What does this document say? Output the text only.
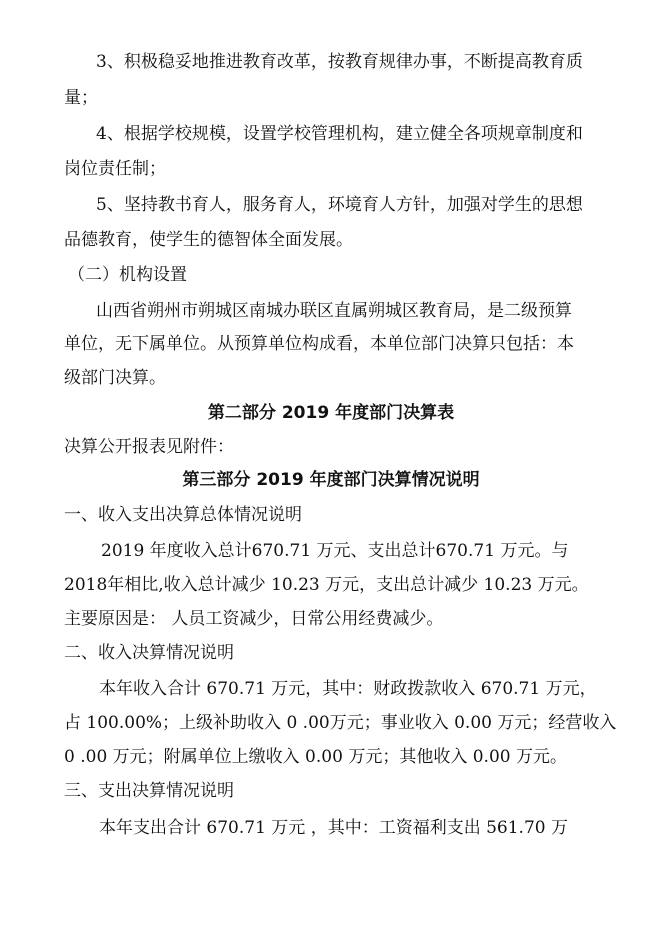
3、积极稳妥地推进教育改革，按教育规律办事，不断提高教育质
量；
4、根据学校规模，设置学校管理机构，建立健全各项规章制度和
岗位责任制；
5、坚持教书育人，服务育人，环境育人方针，加强对学生的思想
品德教育，使学生的德智体全面发展。
（二）机构设置
山西省朔州市朔城区南城办联区直属朔城区教育局，是二级预算
单位，无下属单位。从预算单位构成看，本单位部门决算只包括：本
级部门决算。
第二部分 2019 年度部门决算表
决算公开报表见附件：
第三部分 2019 年度部门决算情况说明
一、收入支出决算总体情况说明
2019 年度收入总计670.71 万元、支出总计670.71 万元。与
2018年相比,收入总计减少 10.23 万元，支出总计减少 10.23 万元。
主要原因是： 人员工资减少，日常公用经费减少。
二、收入决算情况说明
本年收入合计 670.71 万元，其中：财政拨款收入 670.71 万元，
占 100.00%；上级补助收入 0 .00万元；事业收入 0.00 万元；经营收入
0 .00 万元；附属单位上缴收入 0.00 万元；其他收入 0.00 万元。
三、支出决算情况说明
本年支出合计 670.71 万元 ，其中：工资福利支出 561.70 万
